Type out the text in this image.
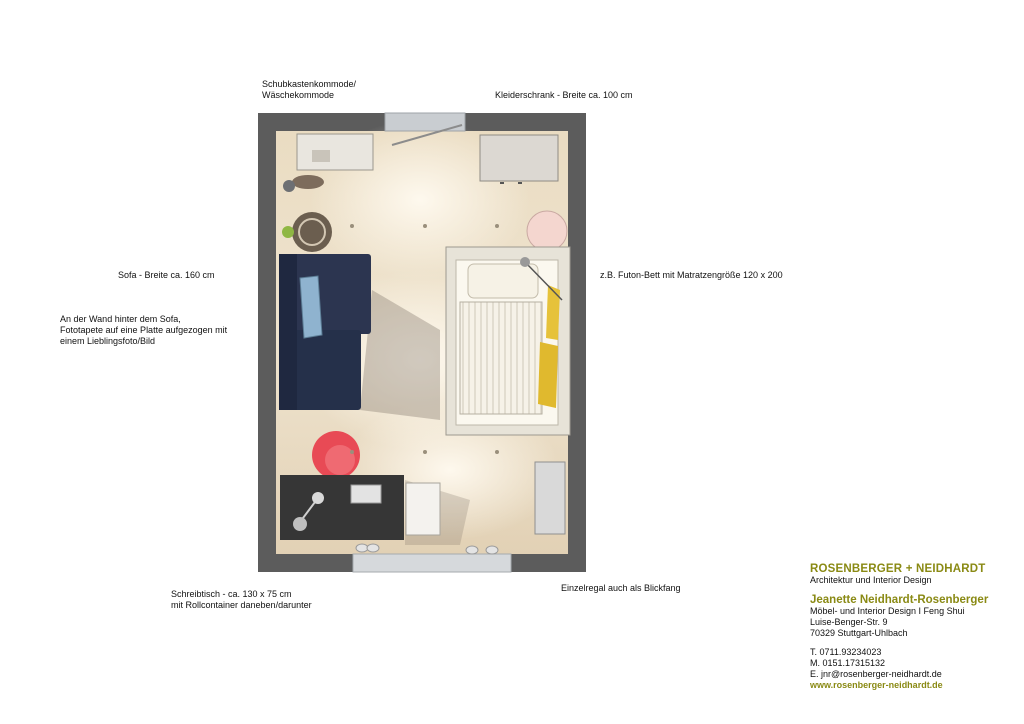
Schubkastenkommode/
Wäschekommode	Kleiderschrank - Breite ca. 100 cm
Sofa - Breite ca. 160 cm
An der Wand hinter dem Sofa,
Fototapete auf eine Platte aufgezogen mit
einem Lieblingsfoto/Bild
z.B. Futon-Bett mit Matratzengröße 120 x 200
Schreibtisch - ca. 130 x 75 cm
mit Rollcontainer daneben/darunter
Einzelregal auch als Blickfang
ROSENBERGER + NEIDHARDT
Architektur und Interior Design
Jeanette Neidhardt-Rosenberger
Möbel- und Interior Design I Feng Shui
Luise-Benger-Str. 9
70329 Stuttgart-Uhlbach
T. 0711.93234023
M. 0151.17315132
E. jnr@rosenberger-neidhardt.de
www.rosenberger-neidhardt.de
